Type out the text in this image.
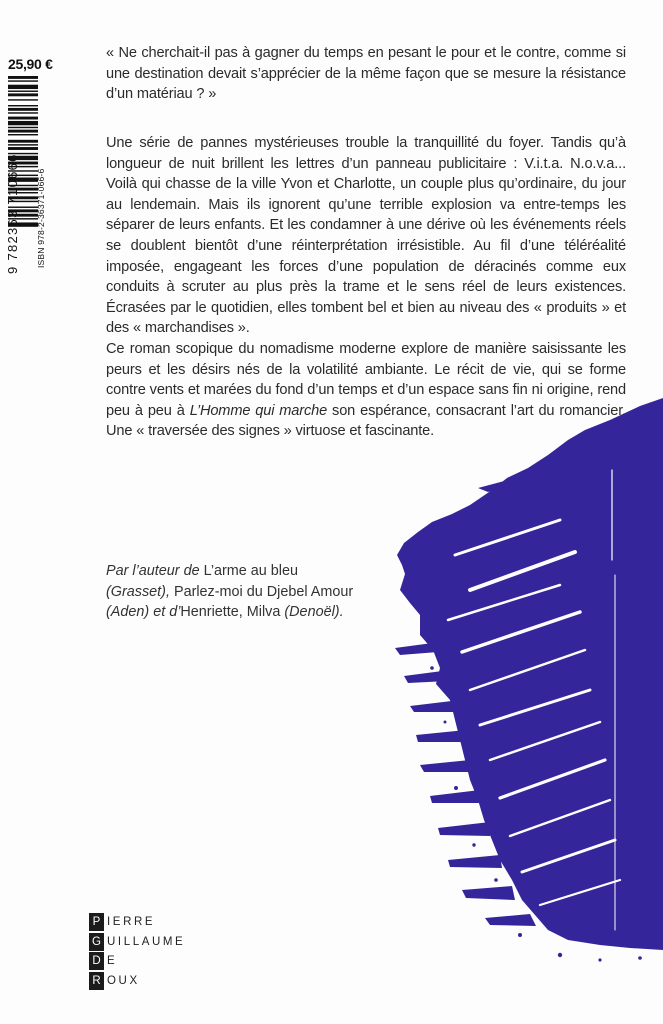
25,90 €
ISBN 978-2-36371-066-6
9 782363 710666
« Ne cherchait-il pas à gagner du temps en pesant le pour et le contre, comme si une destination devait s’apprécier de la même façon que se mesure la résistance d’un matériau ? »

Une série de pannes mystérieuses trouble la tranquillité du foyer. Tandis qu’à longueur de nuit brillent les lettres d’un panneau publicitaire : V.i.t.a. N.o.v.a... Voilà qui chasse de la ville Yvon et Charlotte, un couple plus qu’ordinaire, du jour au lendemain. Mais ils ignorent qu’une terrible explosion va entre-temps les séparer de leurs enfants. Et les condamner à une dérive où les événements réels se doublent bientôt d’une réinterprétation irrésistible. Au fil d’une téléréalité imposée, engageant les forces d’une population de déracinés comme eux conduits à scruter au plus près la trame et le sens réel de leurs existences. Écrasées par le quotidien, elles tombent bel et bien au niveau des « produits » et des « marchandises ».

Ce roman scopique du nomadisme moderne explore de manière saisissante les peurs et les désirs nés de la volatilité ambiante. Le récit de vie, qui se forme contre vents et marées du fond d’un temps et d’un espace sans fin ni origine, rend peu à peu à L’Homme qui marche son espérance, consacrant l’art du romancier. Une « traversée des signes » virtuose et fascinante.

Par l’auteur de L’arme au bleu (Grasset), Parlez-moi du Djebel Amour (Aden) et d’Henriette, Milva (Denoël).
P IERRE
G UILLAUME
D E
R OUX
